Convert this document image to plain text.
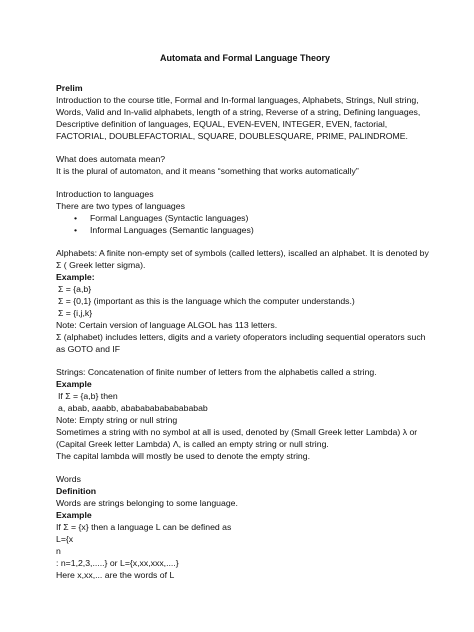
Automata and Formal Language Theory
Prelim
Introduction to the course title, Formal and In-formal languages, Alphabets, Strings, Null string, Words, Valid and In-valid alphabets, length of a string, Reverse of a string, Defining languages, Descriptive definition of languages, EQUAL, EVEN-EVEN, INTEGER, EVEN, factorial, FACTORIAL, DOUBLEFACTORIAL, SQUARE, DOUBLESQUARE, PRIME, PALINDROME.
What does automata mean?
It is the plural of automaton, and it means “something that works automatically”
Introduction to languages
There are two types of languages
• Formal Languages (Syntactic languages)
• Informal Languages (Semantic languages)
Alphabets: A finite non-empty set of symbols (called letters), iscalled an alphabet. It is denoted by Σ ( Greek letter sigma).
Example:
Σ = {a,b}
Σ = {0,1} (important as this is the language which the computer understands.)
Σ = {i,j,k}
Note: Certain version of language ALGOL has 113 letters.
Σ (alphabet) includes letters, digits and a variety ofoperators including sequential operators such as GOTO and IF
Strings: Concatenation of finite number of letters from the alphabetis called a string.
Example
If Σ = {a,b} then
a, abab, aaabb, ababababababababab
Note: Empty string or null string
Sometimes a string with no symbol at all is used, denoted by (Small Greek letter Lambda) λ or (Capital Greek letter Lambda) Λ, is called an empty string or null string.
The capital lambda will mostly be used to denote the empty string.
Words
Definition
Words are strings belonging to some language.
Example
If Σ = {x} then a language L can be defined as
L={x
n
: n=1,2,3,.....} or L={x,xx,xxx,....}
Here x,xx,... are the words of L
